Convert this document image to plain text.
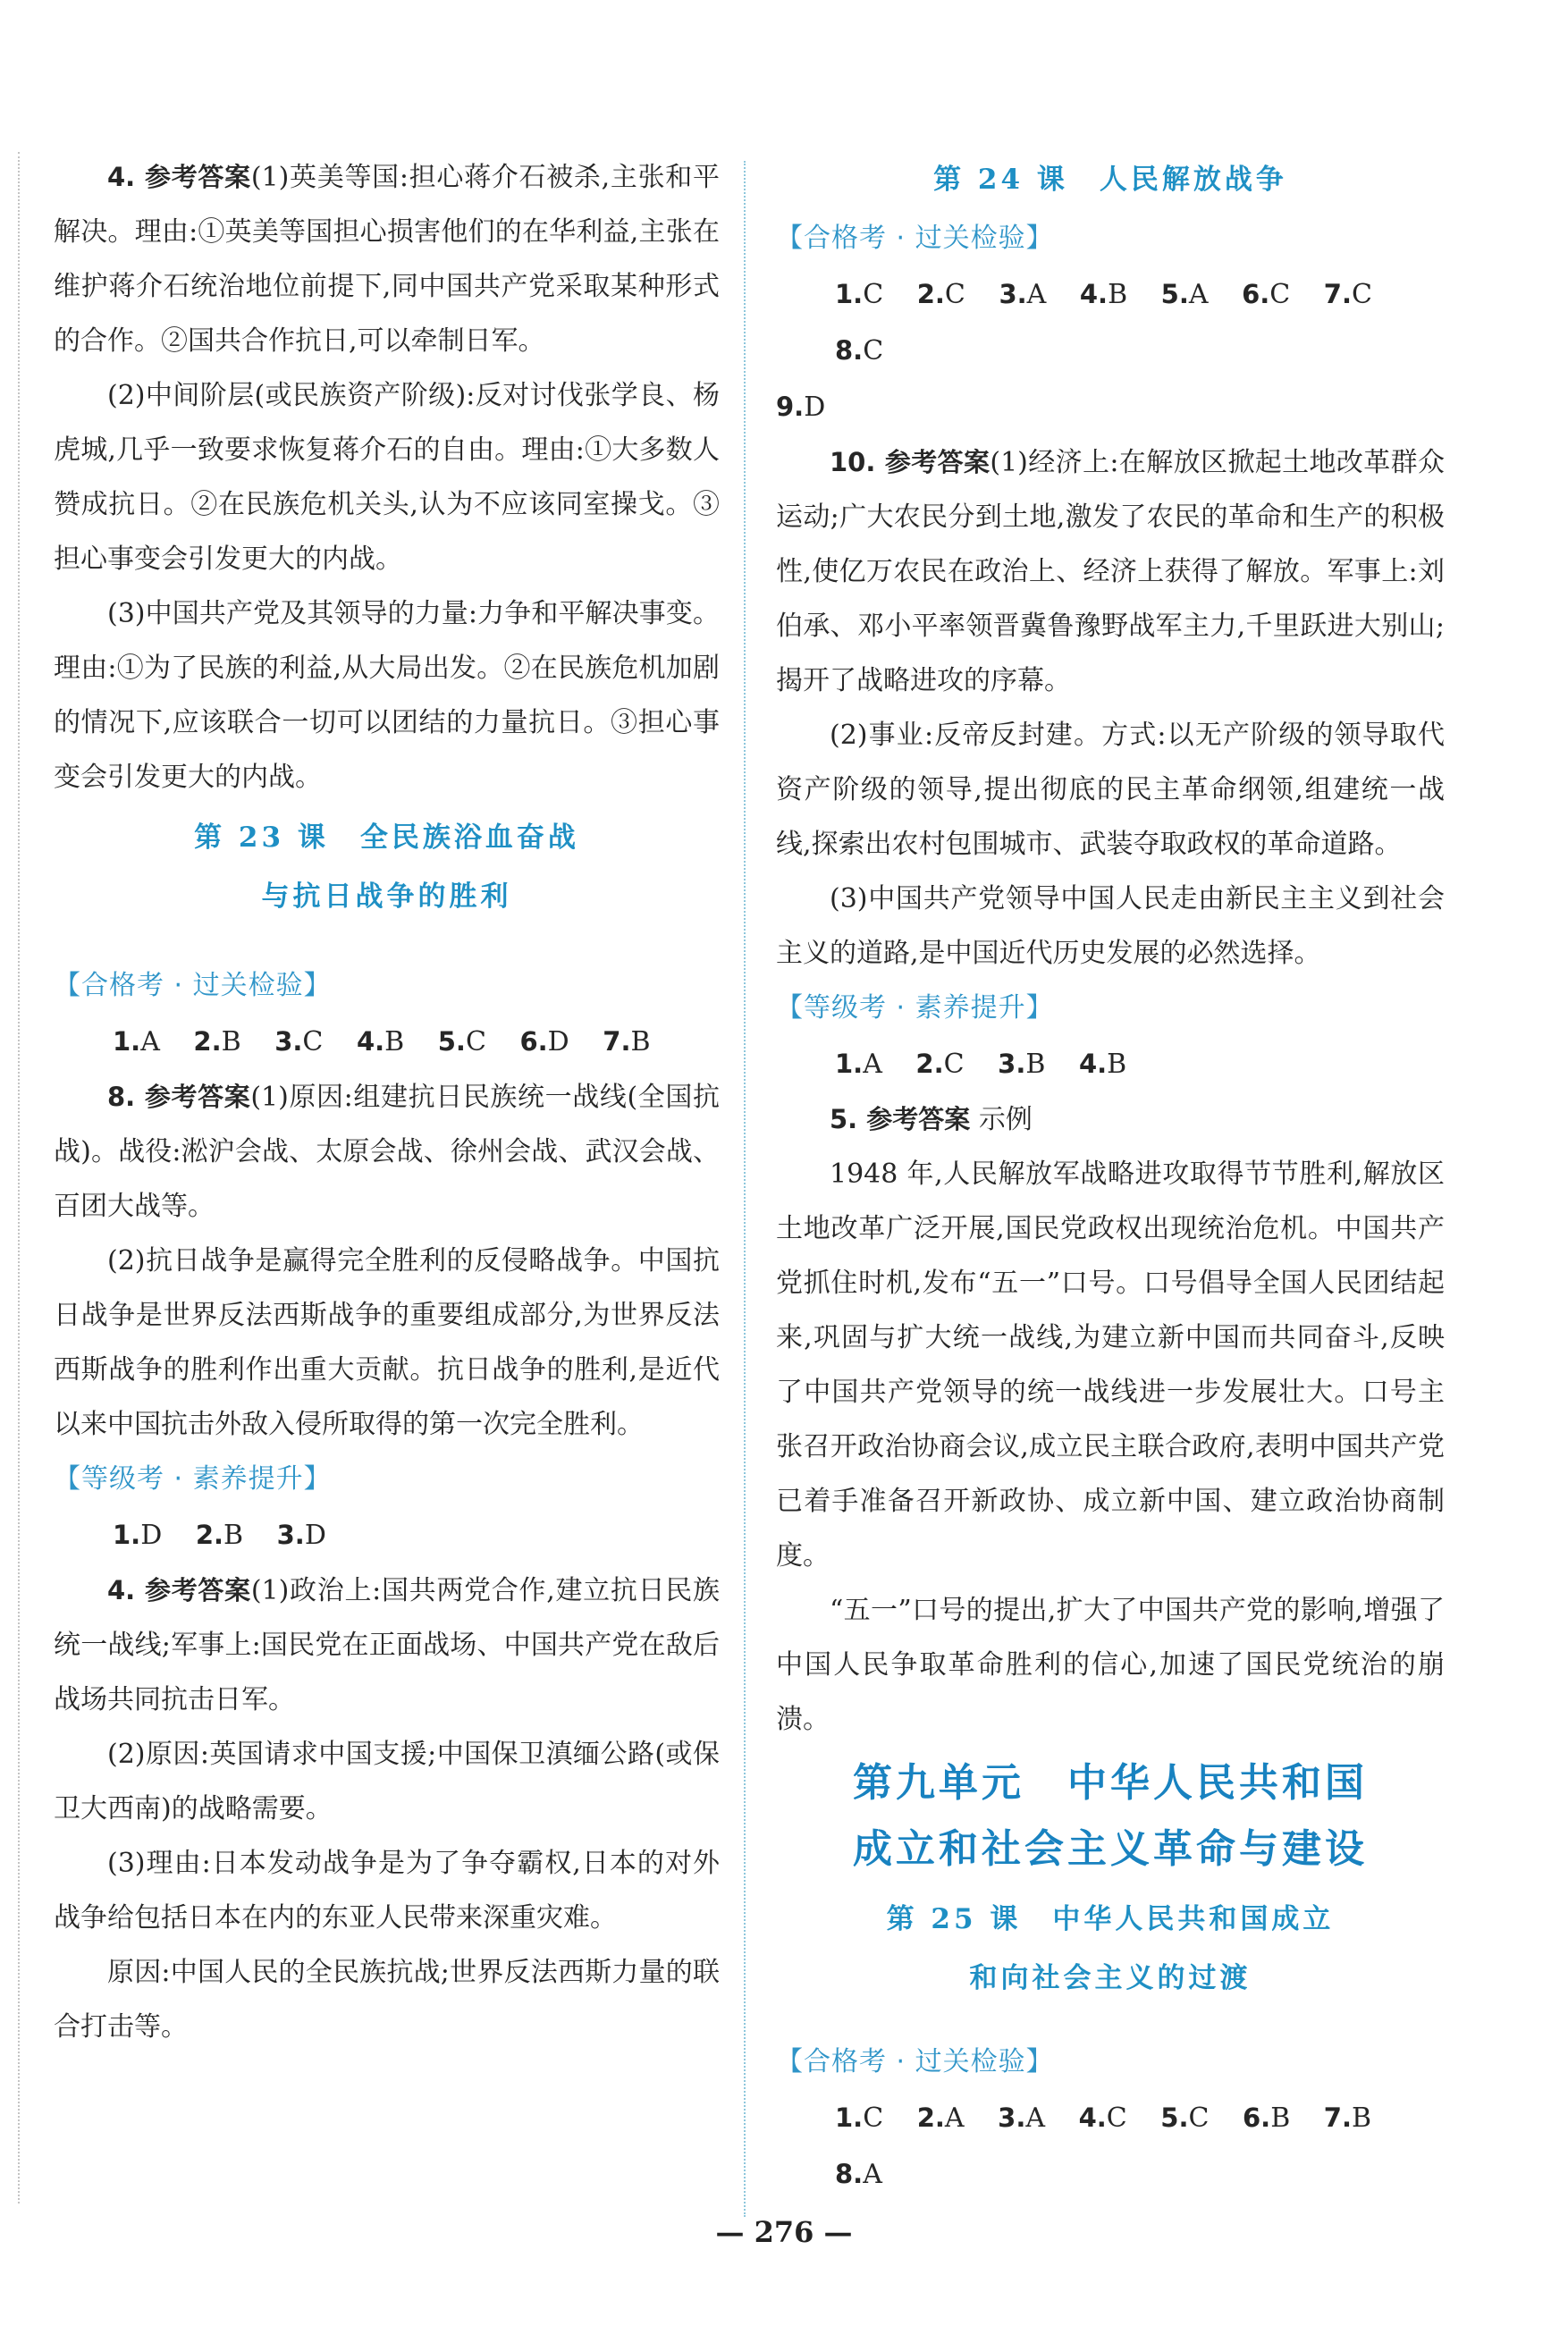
4. 参考答案(1)英美等国:担心蒋介石被杀,主张和平解决。理由:①英美等国担心损害他们的在华利益,主张在维护蒋介石统治地位前提下,同中国共产党采取某种形式的合作。②国共合作抗日,可以牵制日军。

(2)中间阶层(或民族资产阶级):反对讨伐张学良、杨虎城,几乎一致要求恢复蒋介石的自由。理由:①大多数人赞成抗日。②在民族危机关头,认为不应该同室操戈。③担心事变会引发更大的内战。

(3)中国共产党及其领导的力量:力争和平解决事变。理由:①为了民族的利益,从大局出发。②在民族危机加剧的情况下,应该联合一切可以团结的力量抗日。③担心事变会引发更大的内战。

第 23 课　全民族浴血奋战

与抗日战争的胜利

【合格考 · 过关检验】

1.A 2.B 3.C 4.B 5.C 6.D 7.B

8. 参考答案(1)原因:组建抗日民族统一战线(全国抗战)。战役:淞沪会战、太原会战、徐州会战、武汉会战、百团大战等。

(2)抗日战争是赢得完全胜利的反侵略战争。中国抗日战争是世界反法西斯战争的重要组成部分,为世界反法西斯战争的胜利作出重大贡献。抗日战争的胜利,是近代以来中国抗击外敌入侵所取得的第一次完全胜利。

【等级考 · 素养提升】

1.D 2.B 3.D

4. 参考答案(1)政治上:国共两党合作,建立抗日民族统一战线;军事上:国民党在正面战场、中国共产党在敌后战场共同抗击日军。

(2)原因:英国请求中国支援;中国保卫滇缅公路(或保卫大西南)的战略需要。

(3)理由:日本发动战争是为了争夺霸权,日本的对外战争给包括日本在内的东亚人民带来深重灾难。

原因:中国人民的全民族抗战;世界反法西斯力量的联合打击等。

第 24 课　人民解放战争

【合格考 · 过关检验】

1.C 2.C 3.A 4.B 5.A 6.C 7.C 8.C

9.D

10. 参考答案(1)经济上:在解放区掀起土地改革群众运动;广大农民分到土地,激发了农民的革命和生产的积极性,使亿万农民在政治上、经济上获得了解放。军事上:刘伯承、邓小平率领晋冀鲁豫野战军主力,千里跃进大别山;揭开了战略进攻的序幕。

(2)事业:反帝反封建。方式:以无产阶级的领导取代资产阶级的领导,提出彻底的民主革命纲领,组建统一战线,探索出农村包围城市、武装夺取政权的革命道路。

(3)中国共产党领导中国人民走由新民主主义到社会主义的道路,是中国近代历史发展的必然选择。

【等级考 · 素养提升】

1.A 2.C 3.B 4.B

5. 参考答案 示例

1948 年,人民解放军战略进攻取得节节胜利,解放区土地改革广泛开展,国民党政权出现统治危机。中国共产党抓住时机,发布“五一”口号。口号倡导全国人民团结起来,巩固与扩大统一战线,为建立新中国而共同奋斗,反映了中国共产党领导的统一战线进一步发展壮大。口号主张召开政治协商会议,成立民主联合政府,表明中国共产党已着手准备召开新政协、成立新中国、建立政治协商制度。

“五一”口号的提出,扩大了中国共产党的影响,增强了中国人民争取革命胜利的信心,加速了国民党统治的崩溃。

第九单元　中华人民共和国

成立和社会主义革命与建设

第 25 课　中华人民共和国成立

和向社会主义的过渡

【合格考 · 过关检验】

1.C 2.A 3.A 4.C 5.C 6.B 7.B 8.A

— 276 —
